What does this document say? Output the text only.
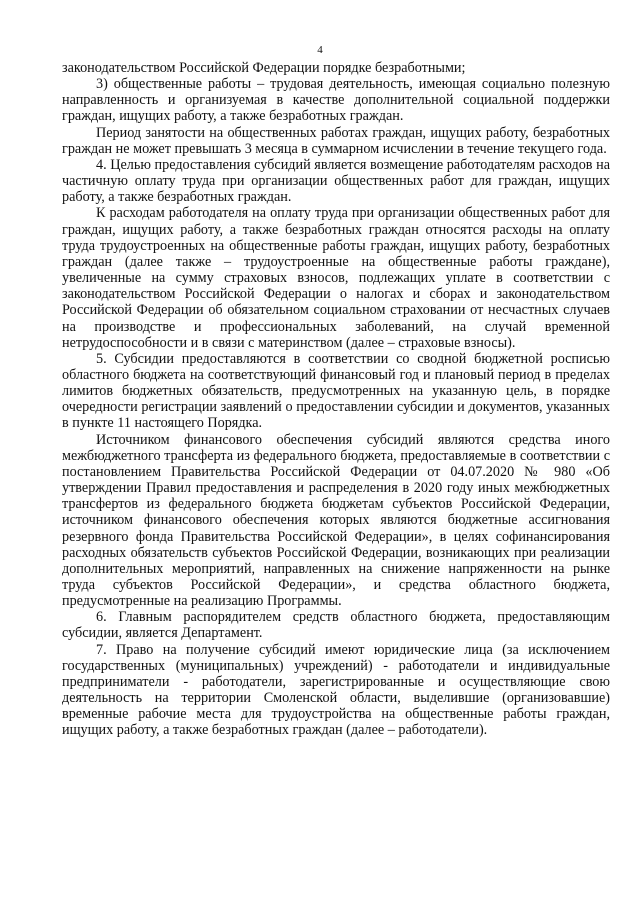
4

законодательством Российской Федерации порядке безработными;

3) общественные работы – трудовая деятельность, имеющая социально полезную направленность и организуемая в качестве дополнительной социальной поддержки граждан, ищущих работу, а также безработных граждан.

Период занятости на общественных работах граждан, ищущих работу, безработных граждан не может превышать 3 месяца в суммарном исчислении в течение текущего года.

4. Целью предоставления субсидий является возмещение работодателям расходов на частичную оплату труда при организации общественных работ для граждан, ищущих работу, а также безработных граждан.

К расходам работодателя на оплату труда при организации общественных работ для граждан, ищущих работу, а также безработных граждан относятся расходы на оплату труда трудоустроенных на общественные работы граждан, ищущих работу, безработных граждан (далее также – трудоустроенные на общественные работы граждане), увеличенные на сумму страховых взносов, подлежащих уплате в соответствии с законодательством Российской Федерации о налогах и сборах и законодательством Российской Федерации об обязательном социальном страховании от несчастных случаев на производстве и профессиональных заболеваний, на случай временной нетрудоспособности и в связи с материнством (далее – страховые взносы).

5. Субсидии предоставляются в соответствии со сводной бюджетной росписью областного бюджета на соответствующий финансовый год и плановый период в пределах лимитов бюджетных обязательств, предусмотренных на указанную цель, в порядке очередности регистрации заявлений о предоставлении субсидии и документов, указанных в пункте 11 настоящего Порядка.

Источником финансового обеспечения субсидий являются средства иного межбюджетного трансферта из федерального бюджета, предоставляемые в соответствии с постановлением Правительства Российской Федерации от 04.07.2020 № 980 «Об утверждении Правил предоставления и распределения в 2020 году иных межбюджетных трансфертов из федерального бюджета бюджетам субъектов Российской Федерации, источником финансового обеспечения которых являются бюджетные ассигнования резервного фонда Правительства Российской Федерации», в целях софинансирования расходных обязательств субъектов Российской Федерации, возникающих при реализации дополнительных мероприятий, направленных на снижение напряженности на рынке труда субъектов Российской Федерации», и средства областного бюджета, предусмотренные на реализацию Программы.

6. Главным распорядителем средств областного бюджета, предоставляющим субсидии, является Департамент.

7. Право на получение субсидий имеют юридические лица (за исключением государственных (муниципальных) учреждений) - работодатели и индивидуальные предприниматели - работодатели, зарегистрированные и осуществляющие свою деятельность на территории Смоленской области, выделившие (организовавшие) временные рабочие места для трудоустройства на общественные работы граждан, ищущих работу, а также безработных граждан (далее – работодатели).
